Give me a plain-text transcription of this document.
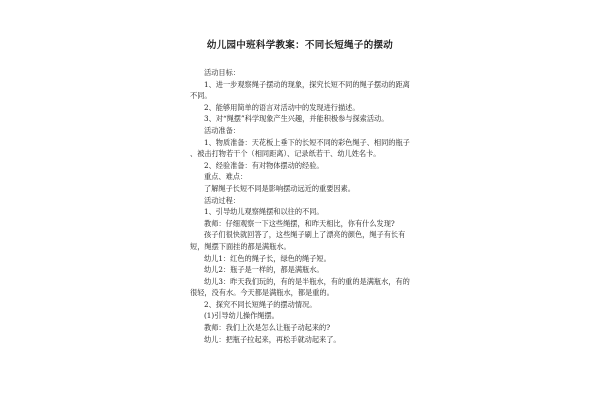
幼儿园中班科学教案：不同长短绳子的摆动

活动目标：

1、进一步观察绳子摆动的现象，探究长短不同的绳子摆动的距离

不同。

2、能够用简单的语言对活动中的发现进行描述。

3、对“绳摆”科学现象产生兴趣，并能积极参与探索活动。

活动准备：

1、物质准备：天花板上垂下的长短不同的彩色绳子、相同的瓶子

、被击打物若干个（相同距离）、记录纸若干、幼儿姓名卡。

2、经验准备：有对物体摆动的经验。

重点、难点：

了解绳子长短不同是影响摆动远近的重要因素。

活动过程：

1、引导幼儿观察绳摆和以往的不同。

教师：仔细观察一下这些绳摆，和昨天相比，你有什么发现?

孩子们很快就回答了，这些绳子刷上了漂亮的颜色，绳子有长有

短，绳摆下面挂的都是满瓶水。

幼儿1：红色的绳子长，绿色的绳子短。

幼儿2：瓶子是一样的，都是满瓶水。

幼儿3：昨天我们玩的，有的是半瓶水，有的重的是满瓶水，有的

很轻，没有水。今天都是满瓶水，都是重的。

2、探究不同长短绳子的摆动情况。

(1)引导幼儿操作绳摆。

教师：我们上次是怎么让瓶子动起来的?

幼儿：把瓶子拉起来，再松手就动起来了。
